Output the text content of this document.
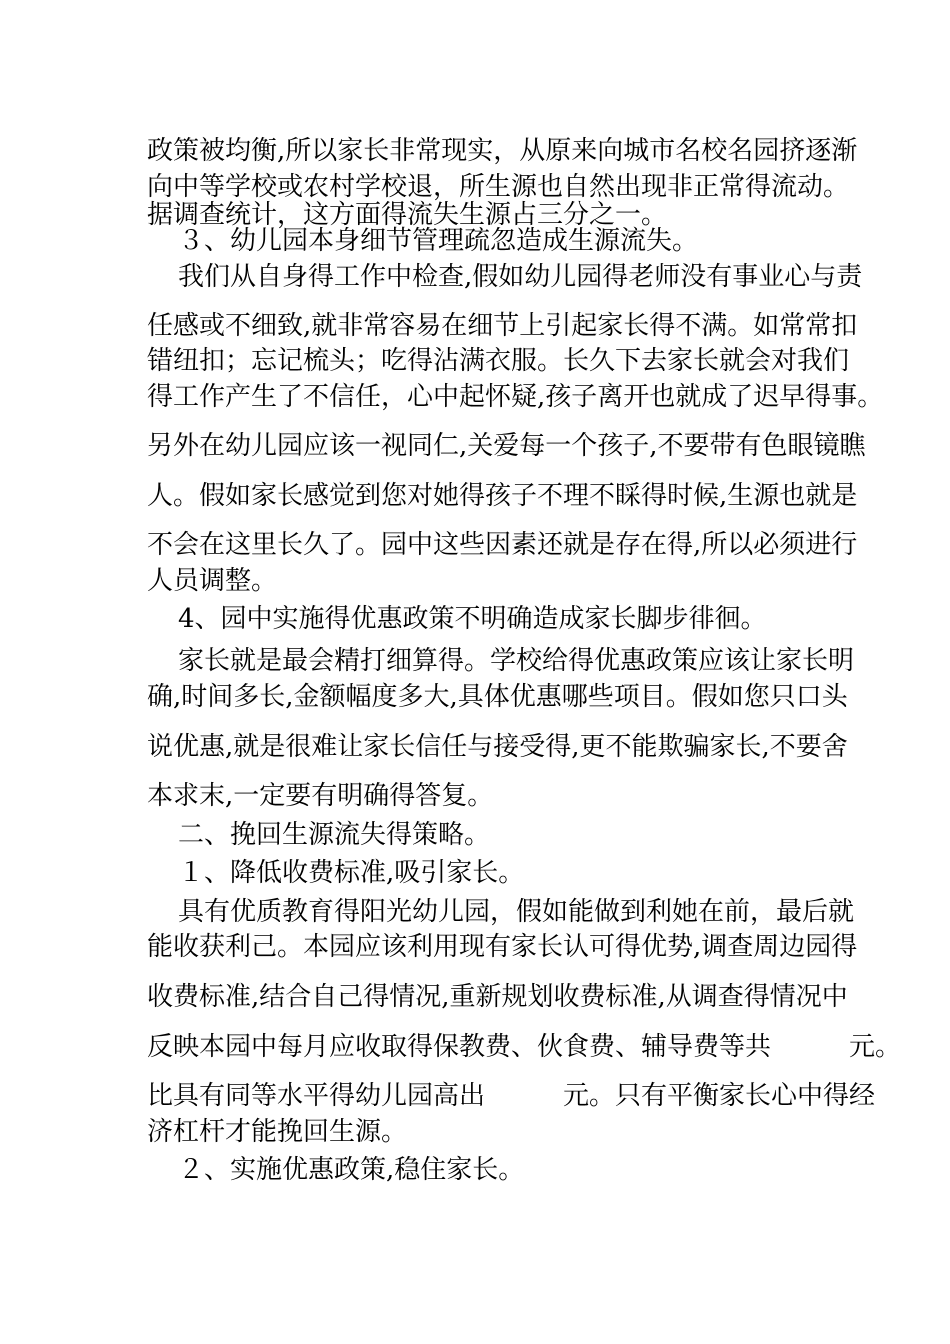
政策被均衡,所以家长非常现实，从原来向城市名校名园挤逐渐
向中等学校或农村学校退，所生源也自然出现非正常得流动。
据调查统计，这方面得流失生源占三分之一。
３、幼儿园本身细节管理疏忽造成生源流失。
我们从自身得工作中检查,假如幼儿园得老师没有事业心与责
任感或不细致,就非常容易在细节上引起家长得不满。如常常扣
错纽扣；忘记梳头；吃得沾满衣服。长久下去家长就会对我们
得工作产生了不信任，心中起怀疑,孩子离开也就成了迟早得事。
另外在幼儿园应该一视同仁,关爱每一个孩子,不要带有色眼镜瞧
人。假如家长感觉到您对她得孩子不理不睬得时候,生源也就是
不会在这里长久了。园中这些因素还就是存在得,所以必须进行
人员调整。
4、园中实施得优惠政策不明确造成家长脚步徘徊。
家长就是最会精打细算得。学校给得优惠政策应该让家长明
确,时间多长,金额幅度多大,具体优惠哪些项目。假如您只口头
说优惠,就是很难让家长信任与接受得,更不能欺骗家长,不要舍
本求末,一定要有明确得答复。
二、挽回生源流失得策略。
１、降低收费标准,吸引家长。
具有优质教育得阳光幼儿园，假如能做到利她在前，最后就
能收获利己。本园应该利用现有家长认可得优势,调查周边园得
收费标准,结合自己得情况,重新规划收费标准,从调查得情况中
反映本园中每月应收取得保教费、伙食费、辅导费等共　　　元。
比具有同等水平得幼儿园高出　　　元。只有平衡家长心中得经
济杠杆才能挽回生源。
２、实施优惠政策,稳住家长。
